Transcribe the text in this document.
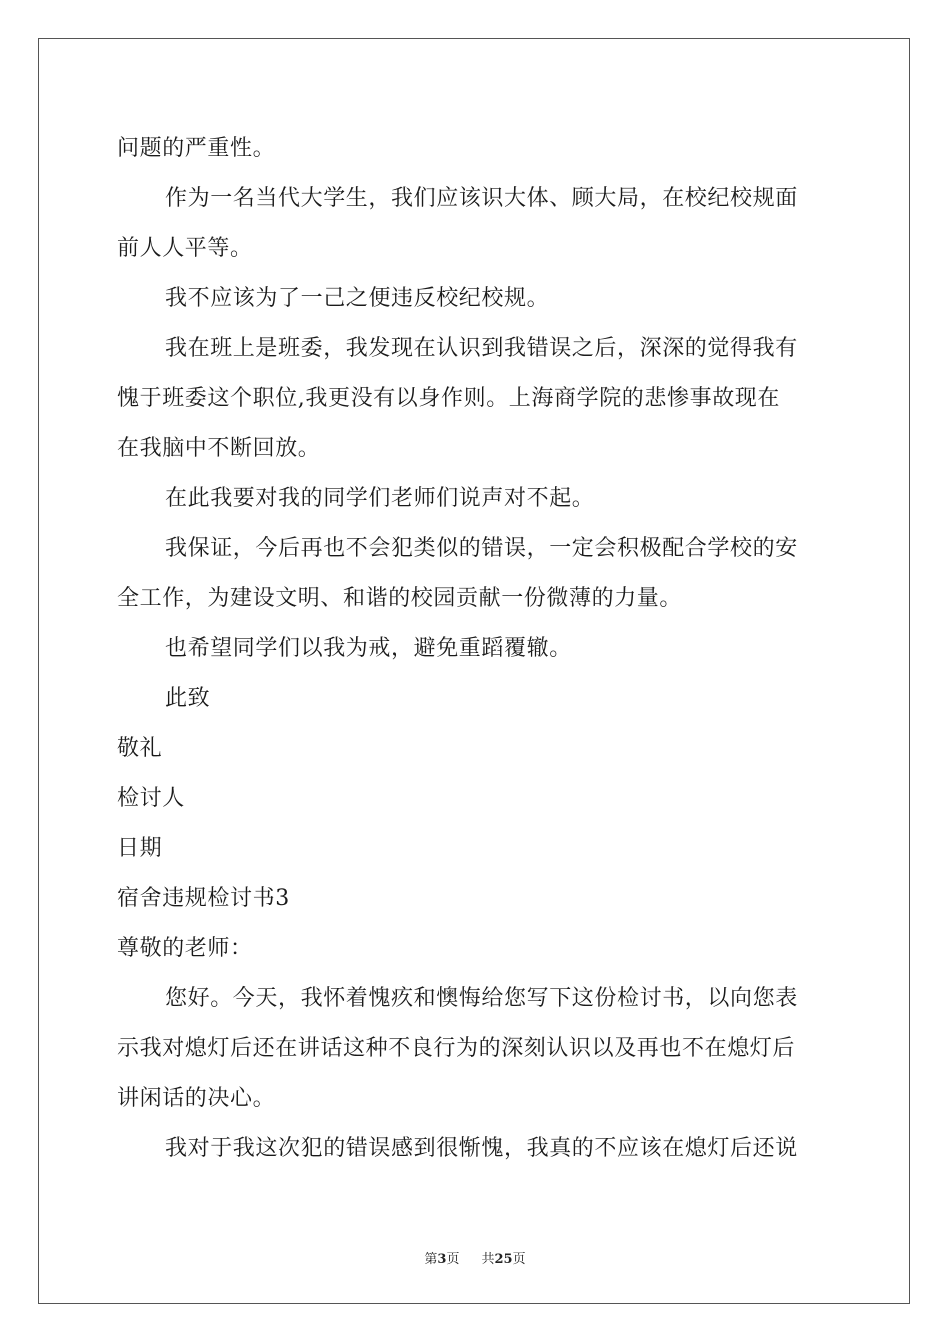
问题的严重性。
作为一名当代大学生，我们应该识大体、顾大局，在校纪校规面
前人人平等。
我不应该为了一己之便违反校纪校规。
我在班上是班委，我发现在认识到我错误之后，深深的觉得我有
愧于班委这个职位,我更没有以身作则。上海商学院的悲惨事故现在
在我脑中不断回放。
在此我要对我的同学们老师们说声对不起。
我保证，今后再也不会犯类似的错误，一定会积极配合学校的安
全工作，为建设文明、和谐的校园贡献一份微薄的力量。
也希望同学们以我为戒，避免重蹈覆辙。
此致
敬礼
检讨人
日期
宿舍违规检讨书3
尊敬的老师：
您好。今天，我怀着愧疚和懊悔给您写下这份检讨书，以向您表
示我对熄灯后还在讲话这种不良行为的深刻认识以及再也不在熄灯后
讲闲话的决心。
我对于我这次犯的错误感到很惭愧，我真的不应该在熄灯后还说
第3页 共25页
